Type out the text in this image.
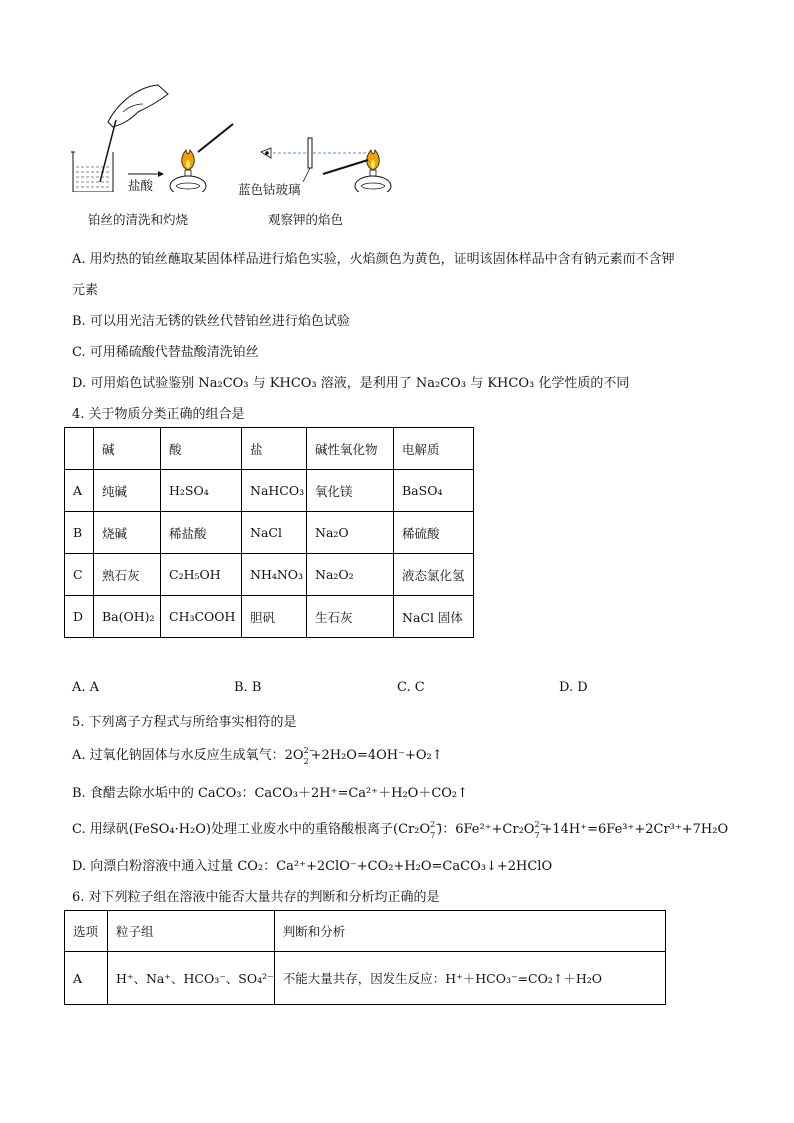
盐酸	蓝色钴玻璃
铂丝的清洗和灼烧	观察钾的焰色
A. 用灼热的铂丝蘸取某固体样品进行焰色实验，火焰颜色为黄色，证明该固体样品中含有钠元素而不含钾
元素
B. 可以用光洁无锈的铁丝代替铂丝进行焰色试验
C. 可用稀硫酸代替盐酸清洗铂丝
D. 可用焰色试验鉴别 Na₂CO₃ 与 KHCO₃ 溶液，是利用了 Na₂CO₃ 与 KHCO₃ 化学性质的不同
4. 关于物质分类正确的组合是
	碱	酸	盐	碱性氧化物	电解质
A	纯碱	H₂SO₄	NaHCO₃	氧化镁	BaSO₄
B	烧碱	稀盐酸	NaCl	Na₂O	稀硫酸
C	熟石灰	C₂H₅OH	NH₄NO₃	Na₂O₂	液态氯化氢
D	Ba(OH)₂	CH₃COOH	胆矾	生石灰	NaCl 固体
A. A	B. B	C. C	D. D
5. 下列离子方程式与所给事实相符的是
A. 过氧化钠固体与水反应生成氧气：2O 2−
2 +2H₂O=4OH⁻+O₂↑
B. 食醋去除水垢中的 CaCO₃：CaCO₃＋2H⁺=Ca²⁺＋H₂O＋CO₂↑
C. 用绿矾(FeSO₄·H₂O)处理工业废水中的重铬酸根离子(Cr₂O 2−
7 )：6Fe²⁺+Cr₂O 2−
7 +14H⁺=6Fe³⁺+2Cr³⁺+7H₂O
D. 向漂白粉溶液中通入过量 CO₂：Ca²⁺+2ClO⁻+CO₂+H₂O=CaCO₃↓+2HClO
6. 对下列粒子组在溶液中能否大量共存的判断和分析均正确的是
选项	粒子组	判断和分析
A	H⁺、Na⁺、HCO₃⁻、SO₄²⁻	不能大量共存，因发生反应：H⁺＋HCO₃⁻=CO₂↑＋H₂O
